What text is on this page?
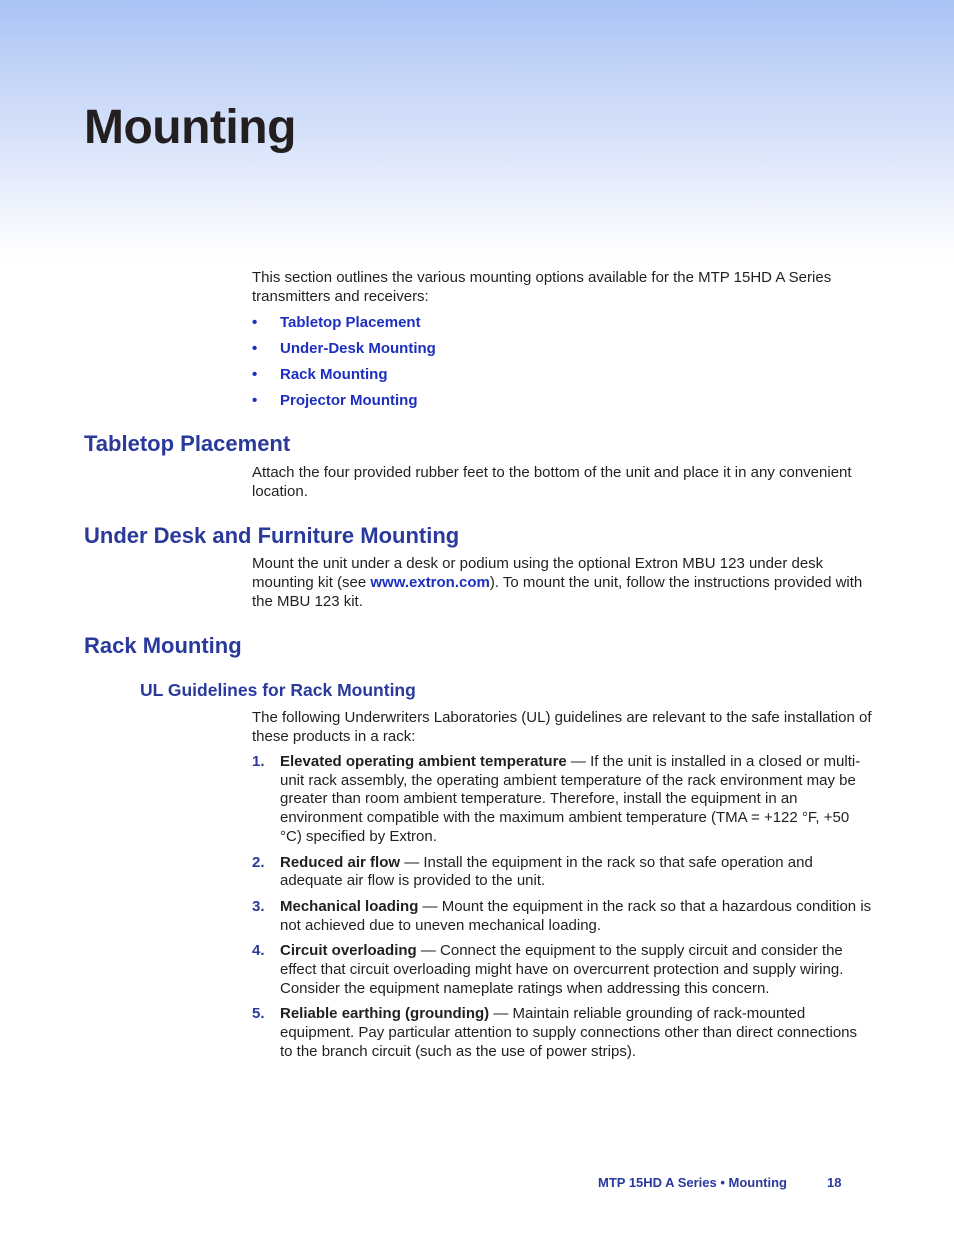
Mounting
This section outlines the various mounting options available for the MTP 15HD A Series transmitters and receivers:
•	Tabletop Placement
•	Under-Desk Mounting
•	Rack Mounting
•	Projector Mounting
Tabletop Placement
Attach the four provided rubber feet to the bottom of the unit and place it in any convenient location.
Under Desk and Furniture Mounting
Mount the unit under a desk or podium using the optional Extron MBU 123 under desk mounting kit (see www.extron.com). To mount the unit, follow the instructions provided with the MBU 123 kit.
Rack Mounting
UL Guidelines for Rack Mounting
The following Underwriters Laboratories (UL) guidelines are relevant to the safe installation of these products in a rack:
1.	Elevated operating ambient temperature — If the unit is installed in a closed or multi-unit rack assembly, the operating ambient temperature of the rack environment may be greater than room ambient temperature. Therefore, install the equipment in an environment compatible with the maximum ambient temperature (TMA = +122 °F, +50 °C) specified by Extron.
2.	Reduced air flow — Install the equipment in the rack so that safe operation and adequate air flow is provided to the unit.
3.	Mechanical loading — Mount the equipment in the rack so that a hazardous condition is not achieved due to uneven mechanical loading.
4.	Circuit overloading — Connect the equipment to the supply circuit and consider the effect that circuit overloading might have on overcurrent protection and supply wiring. Consider the equipment nameplate ratings when addressing this concern.
5.	Reliable earthing (grounding) — Maintain reliable grounding of rack-mounted equipment. Pay particular attention to supply connections other than direct connections to the branch circuit (such as the use of power strips).
MTP 15HD A Series • Mounting	18
